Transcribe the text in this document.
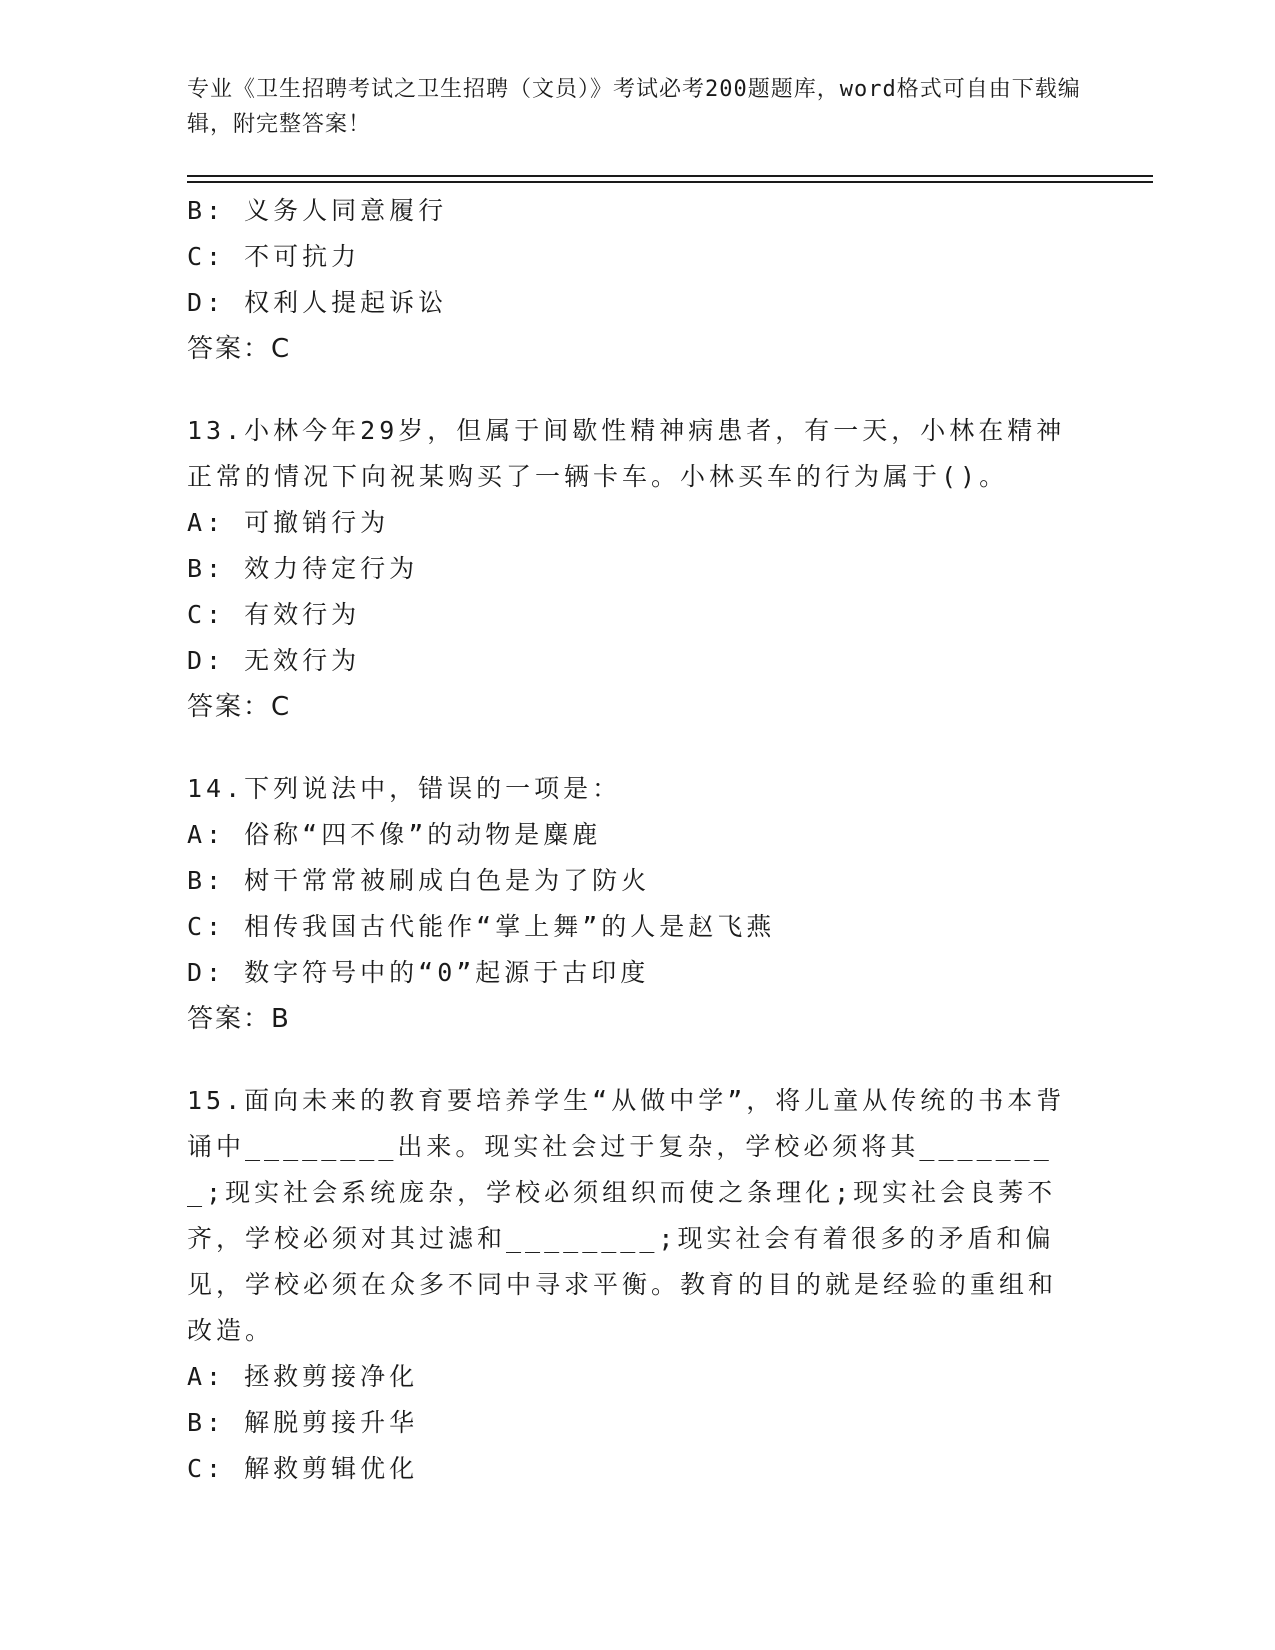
专业《卫生招聘考试之卫生招聘（文员）》考试必考200题题库，word格式可自由下载编辑，附完整答案！
B: 义务人同意履行
C: 不可抗力
D: 权利人提起诉讼
答案：C
13.小林今年29岁，但属于间歇性精神病患者，有一天，小林在精神正常的情况下向祝某购买了一辆卡车。小林买车的行为属于()。
A: 可撤销行为
B: 效力待定行为
C: 有效行为
D: 无效行为
答案：C
14.下列说法中，错误的一项是：
A: 俗称“四不像”的动物是麋鹿
B: 树干常常被刷成白色是为了防火
C: 相传我国古代能作“掌上舞”的人是赵飞燕
D: 数字符号中的“0”起源于古印度
答案：B
15.面向未来的教育要培养学生“从做中学”，将儿童从传统的书本背诵中________出来。现实社会过于复杂，学校必须将其________;现实社会系统庞杂，学校必须组织而使之条理化;现实社会良莠不齐，学校必须对其过滤和________;现实社会有着很多的矛盾和偏见，学校必须在众多不同中寻求平衡。教育的目的就是经验的重组和改造。
A: 拯救剪接净化
B: 解脱剪接升华
C: 解救剪辑优化
